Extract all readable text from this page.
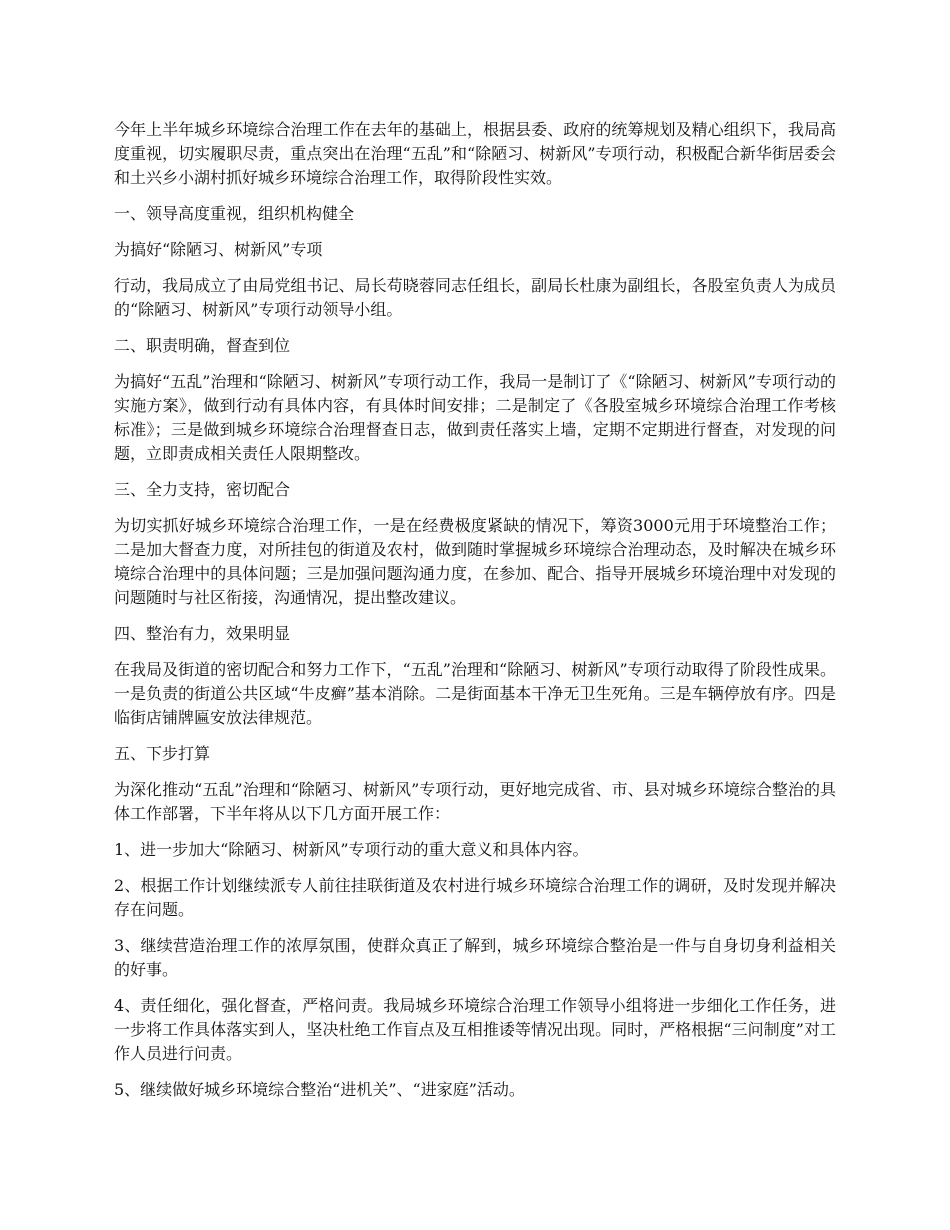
今年上半年城乡环境综合治理工作在去年的基础上，根据县委、政府的统筹规划及精心组织下，我局高度重视，切实履职尽责，重点突出在治理“五乱”和“除陋习、树新风”专项行动，积极配合新华街居委会和土兴乡小湖村抓好城乡环境综合治理工作，取得阶段性实效。

一、领导高度重视，组织机构健全

为搞好“除陋习、树新风”专项

行动，我局成立了由局党组书记、局长苟晓蓉同志任组长，副局长杜康为副组长，各股室负责人为成员的“除陋习、树新风”专项行动领导小组。

二、职责明确，督查到位

为搞好“五乱”治理和“除陋习、树新风”专项行动工作，我局一是制订了《“除陋习、树新风”专项行动的实施方案》，做到行动有具体内容，有具体时间安排；二是制定了《各股室城乡环境综合治理工作考核标准》；三是做到城乡环境综合治理督查日志，做到责任落实上墙，定期不定期进行督查，对发现的问题，立即责成相关责任人限期整改。

三、全力支持，密切配合

为切实抓好城乡环境综合治理工作，一是在经费极度紧缺的情况下，筹资3000元用于环境整治工作；二是加大督查力度，对所挂包的街道及农村，做到随时掌握城乡环境综合治理动态，及时解决在城乡环境综合治理中的具体问题；三是加强问题沟通力度，在参加、配合、指导开展城乡环境治理中对发现的问题随时与社区衔接，沟通情况，提出整改建议。

四、整治有力，效果明显

在我局及街道的密切配合和努力工作下，“五乱”治理和“除陋习、树新风”专项行动取得了阶段性成果。一是负责的街道公共区域“牛皮癣”基本消除。二是街面基本干净无卫生死角。三是车辆停放有序。四是临街店铺牌匾安放法律规范。

五、下步打算

为深化推动“五乱”治理和“除陋习、树新风”专项行动，更好地完成省、市、县对城乡环境综合整治的具体工作部署，下半年将从以下几方面开展工作：

1、进一步加大“除陋习、树新风”专项行动的重大意义和具体内容。

2、根据工作计划继续派专人前往挂联街道及农村进行城乡环境综合治理工作的调研，及时发现并解决存在问题。

3、继续营造治理工作的浓厚氛围，使群众真正了解到，城乡环境综合整治是一件与自身切身利益相关的好事。

4、责任细化，强化督查，严格问责。我局城乡环境综合治理工作领导小组将进一步细化工作任务，进一步将工作具体落实到人，坚决杜绝工作盲点及互相推诿等情况出现。同时，严格根据“三问制度”对工作人员进行问责。

5、继续做好城乡环境综合整治“进机关”、“进家庭”活动。
